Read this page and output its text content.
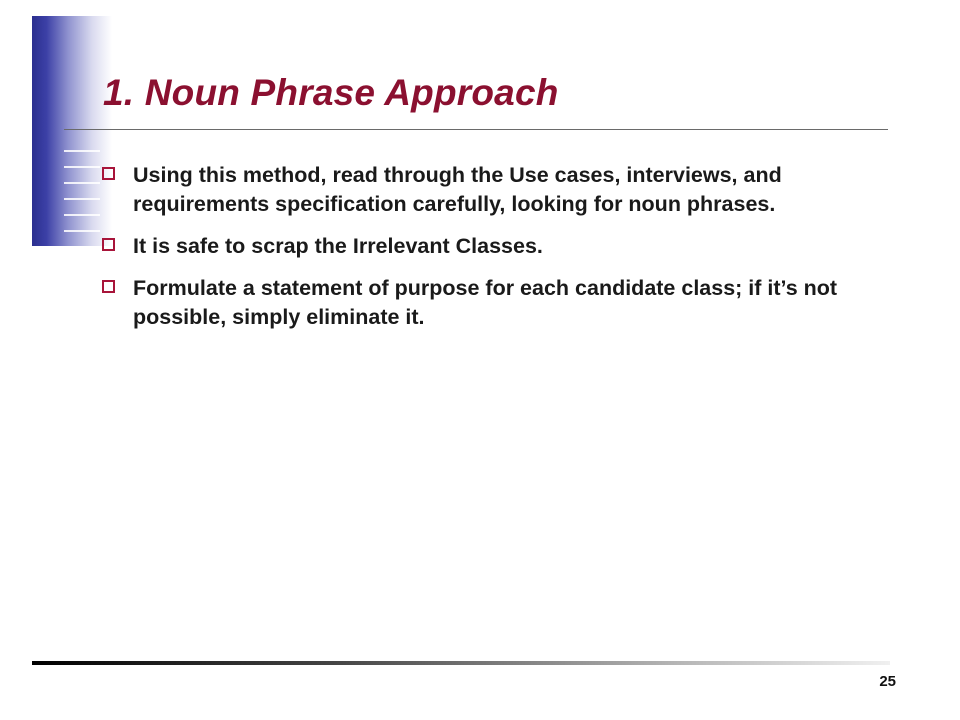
1. Noun Phrase Approach
Using this method, read through the Use cases, interviews, and requirements specification carefully, looking for noun phrases.
It is safe to scrap the Irrelevant Classes.
Formulate a statement of purpose for each candidate class; if it’s not possible, simply eliminate it.
25
